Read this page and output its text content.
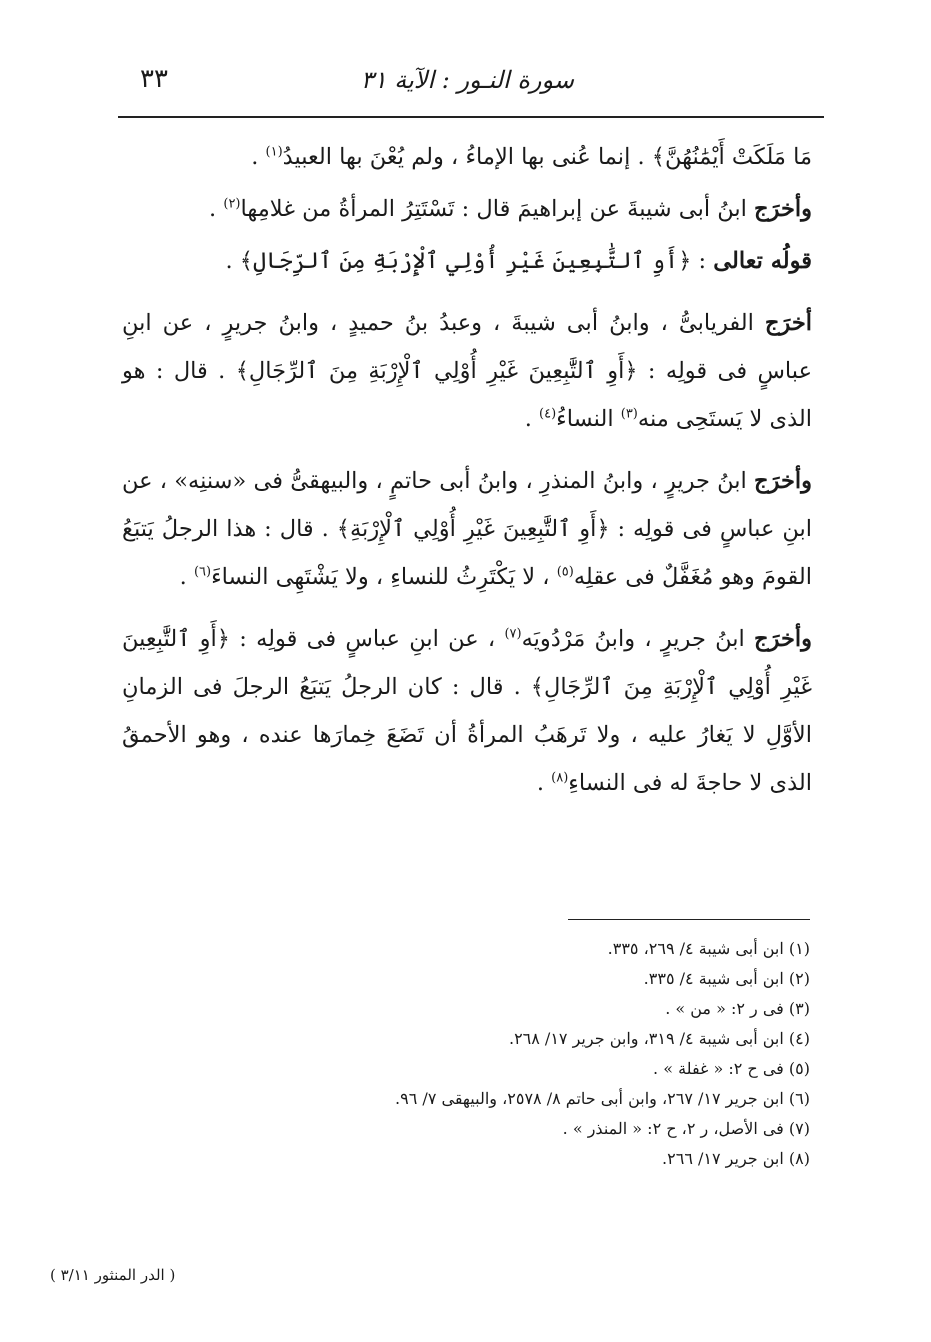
سورة النـور : الآية ٣١
٣٣

مَا مَلَكَتْ أَيْمَٰنُهُنَّ﴾ . إنما عُنى بها الإماءُ ، ولم يُعْنَ بها العبيدُ$^{(١)}$ .

وأخرَج ابنُ أبى شيبةَ عن إبراهيمَ قال : تَسْتَتِرُ المرأةُ من غلامِها$^{(٢)}$ .

قولُه تعالى : ﴿أَوِ ٱلتَّٰبِعِينَ غَيْرِ أُوْلِي ٱلْإِرْبَةِ مِنَ ٱلرِّجَالِ﴾ .

أخرَج الفريابىُّ ، وابنُ أبى شيبةَ ، وعبدُ بنُ حميدٍ ، وابنُ جريرٍ ، عن ابنِ عباسٍ فى قولِه : ﴿أَوِ ٱلتَّٰبِعِينَ غَيْرِ أُوْلِي ٱلْإِرْبَةِ مِنَ ٱلرِّجَالِ﴾ . قال : هو الذى لا يَستَحِى منه$^{(٣)}$ النساءُ$^{(٤)}$ .

وأخرَج ابنُ جريرٍ ، وابنُ المنذرِ ، وابنُ أبى حاتمٍ ، والبيهقىُّ فى «سننِه» ، عن ابنِ عباسٍ فى قولِه : ﴿أَوِ ٱلتَّٰبِعِينَ غَيْرِ أُوْلِي ٱلْإِرْبَةِ﴾ . قال : هذا الرجلُ يَتبَعُ القومَ وهو مُغَفَّلٌ فى عقلِه$^{(٥)}$ ، لا يَكْتَرِثُ للنساءِ ، ولا يَشْتَهِى النساءَ$^{(٦)}$ .

وأخرَج ابنُ جريرٍ ، وابنُ مَرْدُويَه$^{(٧)}$ ، عن ابنِ عباسٍ فى قولِه : ﴿أَوِ ٱلتَّٰبِعِينَ غَيْرِ أُوْلِي ٱلْإِرْبَةِ مِنَ ٱلرِّجَالِ﴾ . قال : كان الرجلُ يَتبَعُ الرجلَ فى الزمانِ الأوَّلِ لا يَغارُ عليه ، ولا تَرهَبُ المرأةُ أن تَضَعَ خِمارَها عنده ، وهو الأحمقُ الذى لا حاجةَ له فى النساءِ$^{(٨)}$ .

(١) ابن أبى شيبة ٤/ ٢٦٩، ٣٣٥.
(٢) ابن أبى شيبة ٤/ ٣٣٥.
(٣) فى ر ٢: « من » .
(٤) ابن أبى شيبة ٤/ ٣١٩، وابن جرير ١٧/ ٢٦٨.
(٥) فى ح ٢: « غفلة » .
(٦) ابن جرير ١٧/ ٢٦٧، وابن أبى حاتم ٨/ ٢٥٧٨، والبيهقى ٧/ ٩٦.
(٧) فى الأصل، ر ٢، ح ٢: « المنذر » .
(٨) ابن جرير ١٧/ ٢٦٦.
( الدر المنثور ٣/١١ )
